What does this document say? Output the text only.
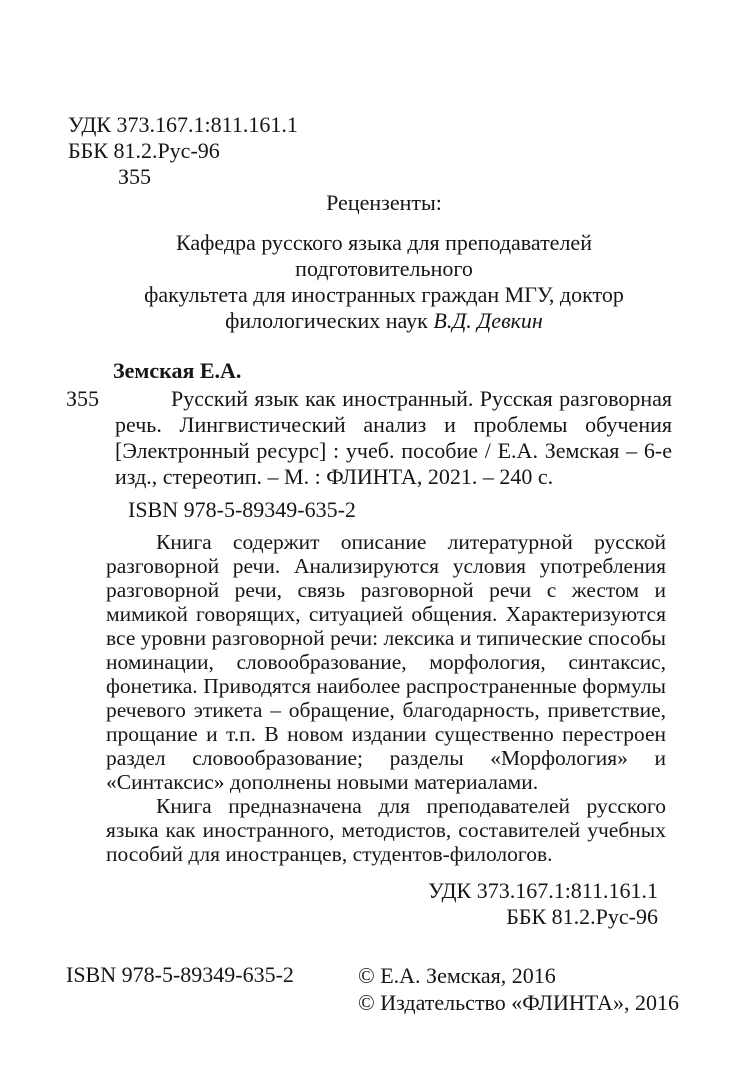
УДК 373.167.1:811.161.1
ББК 81.2.Рус-96
З55
Рецензенты:
Кафедра русского языка для преподавателей подготовительного
факультета для иностранных граждан МГУ, доктор
филологических наук В.Д. Девкин
Земская Е.А.
З55	Русский язык как иностранный. Русская разговорная речь. Лингвистический анализ и проблемы обучения [Электронный ресурс] : учеб. пособие / Е.А. Земская – 6-е изд., стереотип. – М. : ФЛИНТА, 2021. – 240 с.

ISBN 978-5-89349-635-2

Книга содержит описание литературной русской разговорной речи. Анализируются условия употребления разговорной речи, связь разговорной речи с жестом и мимикой говорящих, ситуацией общения. Характеризуются все уровни разговорной речи: лексика и типические способы номинации, словообразование, морфология, синтаксис, фонетика. Приводятся наиболее распространенные формулы речевого этикета – обращение, благодарность, приветствие, прощание и т.п. В новом издании существенно перестроен раздел словообразование; разделы «Морфология» и «Синтаксис» дополнены новыми материалами.

Книга предназначена для преподавателей русского языка как иностранного, методистов, составителей учебных пособий для иностранцев, студентов-филологов.

УДК 373.167.1:811.161.1
ББК 81.2.Рус-96
ISBN 978-5-89349-635-2	© Е.А. Земская, 2016
© Издательство «ФЛИНТА», 2016
